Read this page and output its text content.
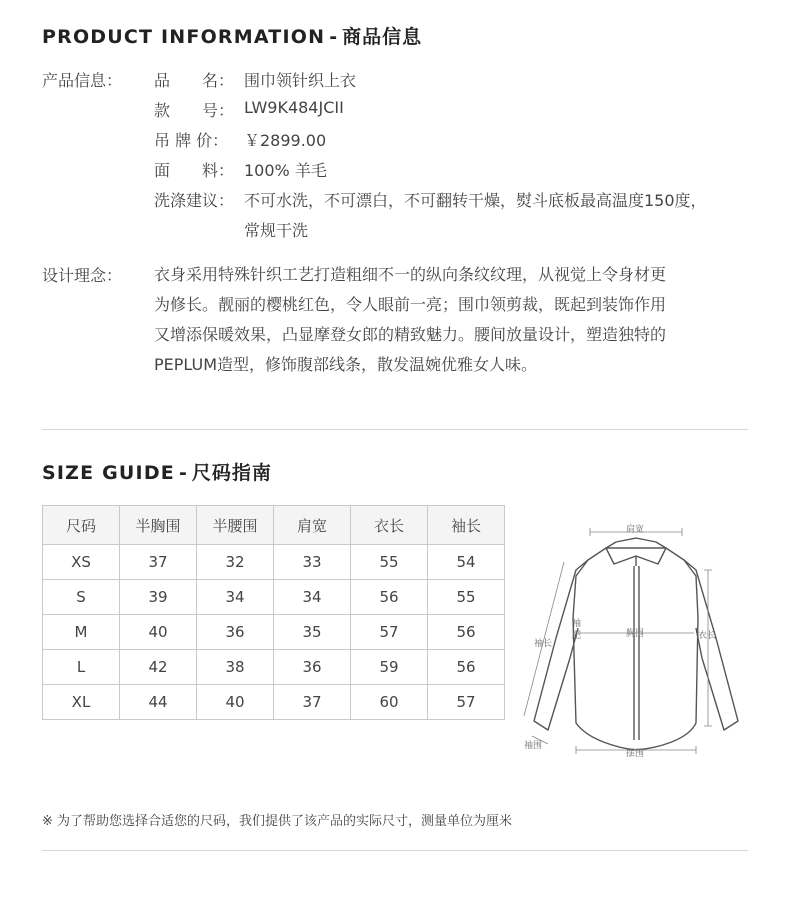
PRODUCT INFORMATION - 商品信息
产品信息： 品　　名： 围巾领针织上衣
款　　号： LW9K484JCII
吊 牌 价： ￥2899.00
面　　料： 100% 羊毛
洗涤建议： 不可水洗，不可漂白，不可翻转干燥，熨斗底板最高温度150度，
常规干洗
设计理念： 衣身采用特殊针织工艺打造粗细不一的纵向条纹纹理，从视觉上令身材更
为修长。靓丽的樱桃红色，令人眼前一亮；围巾领剪裁，既起到装饰作用
又增添保暖效果，凸显摩登女郎的精致魅力。腰间放量设计，塑造独特的
PEPLUM造型，修饰腹部线条，散发温婉优雅女人味。
SIZE GUIDE - 尺码指南
尺码	半胸围	半腰围	肩宽	衣长	袖长
XS	37	32	33	55	54
S	39	34	34	56	55
M	40	36	35	57	56
L	42	38	36	59	56
XL	44	40	37	60	57
肩宽
胸围	衣长
袖长
袖
肥
袖围
摆围
※ 为了帮助您选择合适您的尺码，我们提供了该产品的实际尺寸，测量单位为厘米
